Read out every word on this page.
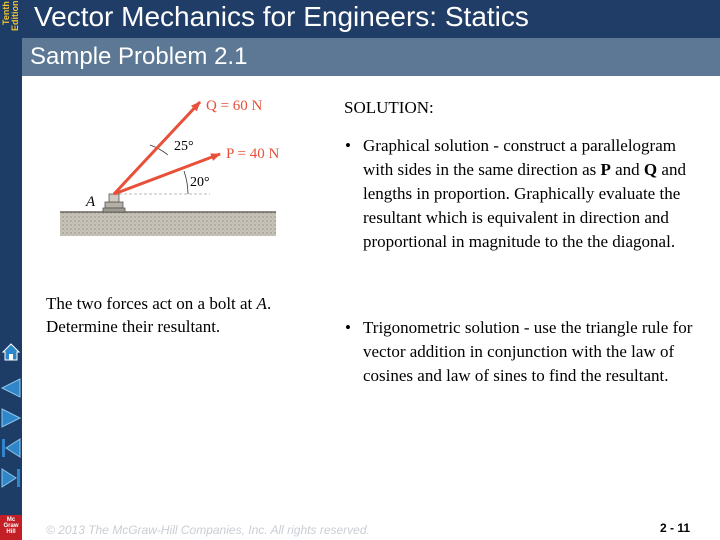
Tenth Edition Vector Mechanics for Engineers: Statics
Sample Problem 2.1
Mc
Graw
Hill
Q = 60 N
P = 40 N
25°
20°
A
The two forces act on a bolt at A. Determine their resultant.
SOLUTION:
• Graphical solution - construct a parallelogram with sides in the same direction as P and Q and lengths in proportion. Graphically evaluate the resultant which is equivalent in direction and proportional in magnitude to the the diagonal.
• Trigonometric solution - use the triangle rule for vector addition in conjunction with the law of cosines and law of sines to find the resultant.
© 2013 The McGraw-Hill Companies, Inc. All rights reserved.	2 - 11
